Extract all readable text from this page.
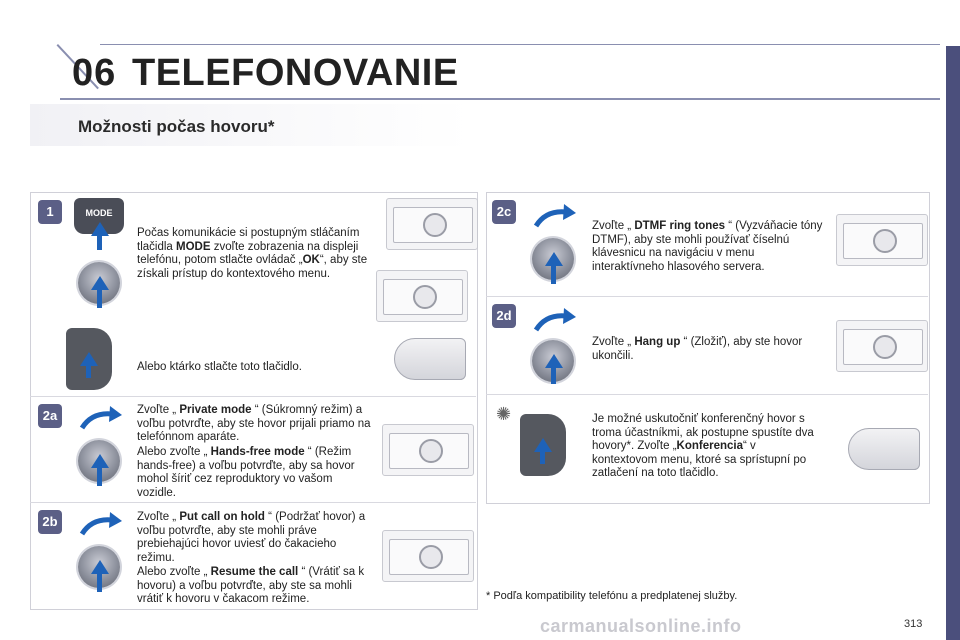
06 TELEFONOVANIE
Možnosti počas hovoru*
1	MODE
Počas komunikácie si postupným stláčaním tlačidla MODE zvoľte zobrazenia na displeji telefónu, potom stlačte ovládač „OK“, aby ste získali prístup do kontextového menu.
Alebo ktárko stlačte toto tlačidlo.
2a	Zvoľte „ Private mode “ (Súkromný režim) a voľbu potvrďte, aby ste hovor prijali priamo na telefónnom aparáte.
Alebo zvoľte „ Hands-free mode “ (Režim hands-free) a voľbu potvrďte, aby sa hovor mohol šíriť cez reproduktory vo vašom vozidle.
2b	Zvoľte „ Put call on hold “ (Podržať hovor) a voľbu potvrďte, aby ste mohli práve prebiehajúci hovor uviesť do čakacieho režimu.
Alebo zvoľte „ Resume the call “ (Vrátiť sa k hovoru) a voľbu potvrďte, aby ste sa mohli vrátiť k hovoru v čakacom režime.
2c
Zvoľte „ DTMF ring tones “ (Vyzváňacie tóny DTMF), aby ste mohli používať číselnú klávesnicu na navigáciu v menu interaktívneho hlasového servera.
2d
Zvoľte „ Hang up “ (Zložiť), aby ste hovor ukončili.
✺	Je možné uskutočniť konferenčný hovor s troma účastníkmi, ak postupne spustíte dva hovory*. Zvoľte „Konferencia“ v kontextovom menu, ktoré sa sprístupní po zatlačení na toto tlačidlo.
* Podľa kompatibility telefónu a predplatenej služby.
carmanualsonline.info	313
